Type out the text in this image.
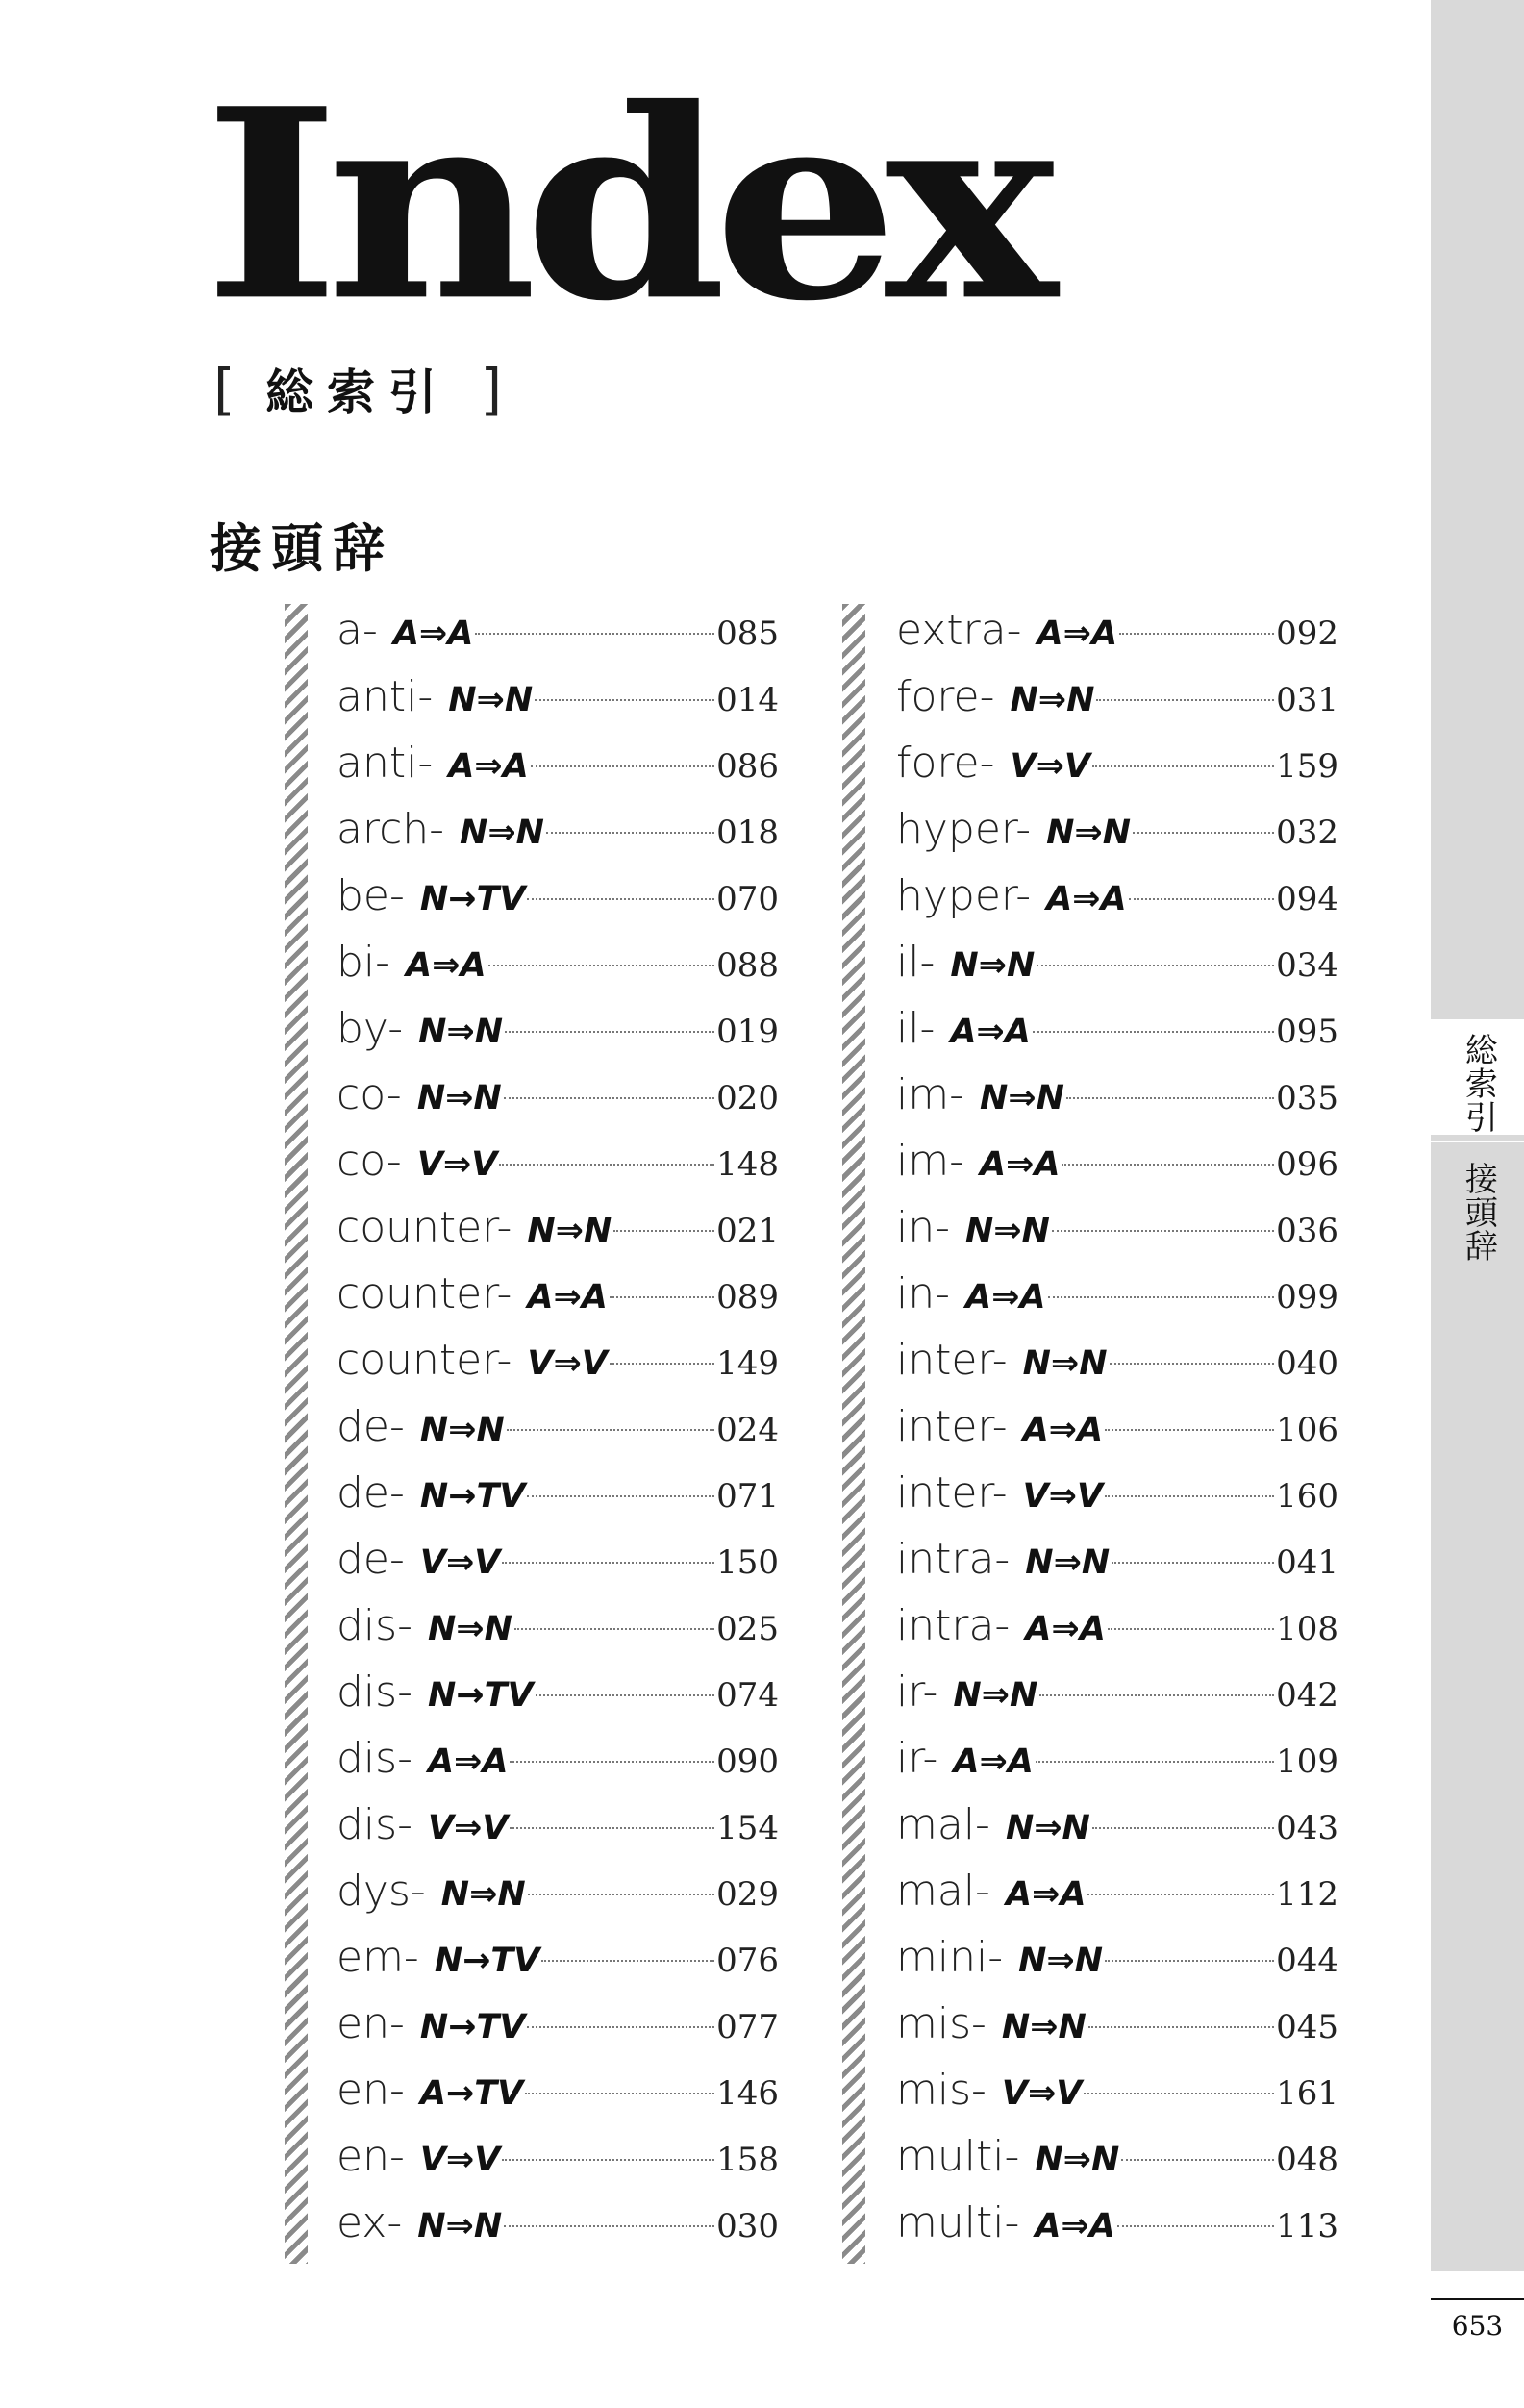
総索引
接頭辞
653
Index
[ 総索引 ]
接頭辞
a- A⇒A	085
anti- N⇒N	014
anti- A⇒A	086
arch- N⇒N	018
be- N→TV	070
bi- A⇒A	088
by- N⇒N	019
co- N⇒N	020
co- V⇒V	148
counter- N⇒N	021
counter- A⇒A	089
counter- V⇒V	149
de- N⇒N	024
de- N→TV	071
de- V⇒V	150
dis- N⇒N	025
dis- N→TV	074
dis- A⇒A	090
dis- V⇒V	154
dys- N⇒N	029
em- N→TV	076
en- N→TV	077
en- A→TV	146
en- V⇒V	158
ex- N⇒N	030
extra- A⇒A	092
fore- N⇒N	031
fore- V⇒V	159
hyper- N⇒N	032
hyper- A⇒A	094
il- N⇒N	034
il- A⇒A	095
im- N⇒N	035
im- A⇒A	096
in- N⇒N	036
in- A⇒A	099
inter- N⇒N	040
inter- A⇒A	106
inter- V⇒V	160
intra- N⇒N	041
intra- A⇒A	108
ir- N⇒N	042
ir- A⇒A	109
mal- N⇒N	043
mal- A⇒A	112
mini- N⇒N	044
mis- N⇒N	045
mis- V⇒V	161
multi- N⇒N	048
multi- A⇒A	113
